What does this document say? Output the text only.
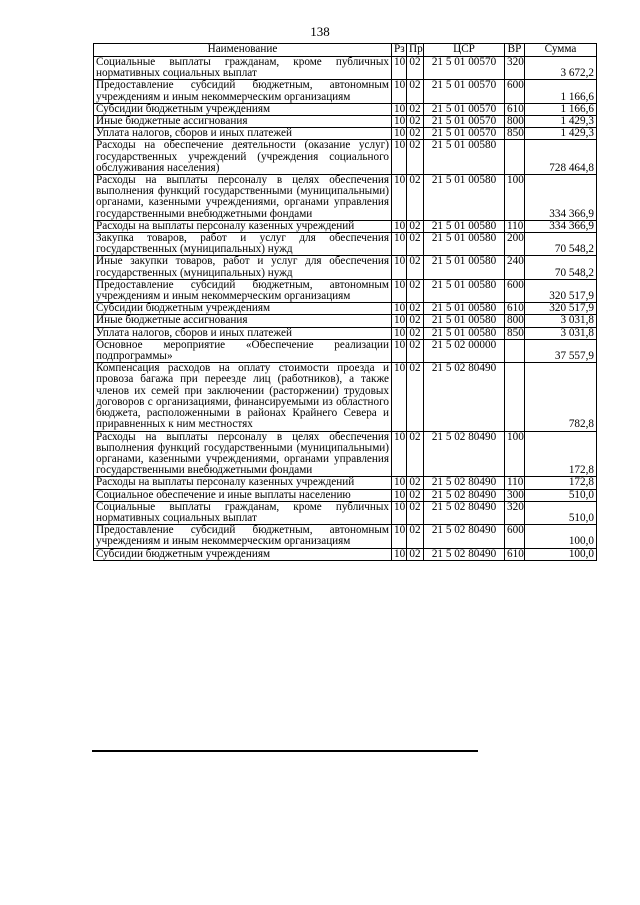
138
Наименование	Рз	Пр	ЦСР	ВР	Сумма
Социальные выплаты гражданам, кроме публичных нормативных социальных выплат	10	02	21 5 01 00570	320	3 672,2
Предоставление субсидий бюджетным, автономным учреждениям и иным некоммерческим организациям	10	02	21 5 01 00570	600	1 166,6
Субсидии бюджетным учреждениям	10	02	21 5 01 00570	610	1 166,6
Иные бюджетные ассигнования	10	02	21 5 01 00570	800	1 429,3
Уплата налогов, сборов и иных платежей	10	02	21 5 01 00570	850	1 429,3
Расходы на обеспечение деятельности (оказание услуг) государственных учреждений (учреждения социального обслуживания населения)	10	02	21 5 01 00580		728 464,8
Расходы на выплаты персоналу в целях обеспечения выполнения функций государственными (муниципальными) органами, казенными учреждениями, органами управления государственными внебюджетными фондами	10	02	21 5 01 00580	100	334 366,9
Расходы на выплаты персоналу казенных учреждений	10	02	21 5 01 00580	110	334 366,9
Закупка товаров, работ и услуг для обеспечения государственных (муниципальных) нужд	10	02	21 5 01 00580	200	70 548,2
Иные закупки товаров, работ и услуг для обеспечения государственных (муниципальных) нужд	10	02	21 5 01 00580	240	70 548,2
Предоставление субсидий бюджетным, автономным учреждениям и иным некоммерческим организациям	10	02	21 5 01 00580	600	320 517,9
Субсидии бюджетным учреждениям	10	02	21 5 01 00580	610	320 517,9
Иные бюджетные ассигнования	10	02	21 5 01 00580	800	3 031,8
Уплата налогов, сборов и иных платежей	10	02	21 5 01 00580	850	3 031,8
Основное мероприятие «Обеспечение реализации подпрограммы»	10	02	21 5 02 00000		37 557,9
Компенсация расходов на оплату стоимости проезда и провоза багажа при переезде лиц (работников), а также членов их семей при заключении (расторжении) трудовых договоров с организациями, финансируемыми из областного бюджета, расположенными в районах Крайнего Севера и приравненных к ним местностях	10	02	21 5 02 80490		782,8
Расходы на выплаты персоналу в целях обеспечения выполнения функций государственными (муниципальными) органами, казенными учреждениями, органами управления государственными внебюджетными фондами	10	02	21 5 02 80490	100	172,8
Расходы на выплаты персоналу казенных учреждений	10	02	21 5 02 80490	110	172,8
Социальное обеспечение и иные выплаты населению	10	02	21 5 02 80490	300	510,0
Социальные выплаты гражданам, кроме публичных нормативных социальных выплат	10	02	21 5 02 80490	320	510,0
Предоставление субсидий бюджетным, автономным учреждениям и иным некоммерческим организациям	10	02	21 5 02 80490	600	100,0
Субсидии бюджетным учреждениям	10	02	21 5 02 80490	610	100,0
